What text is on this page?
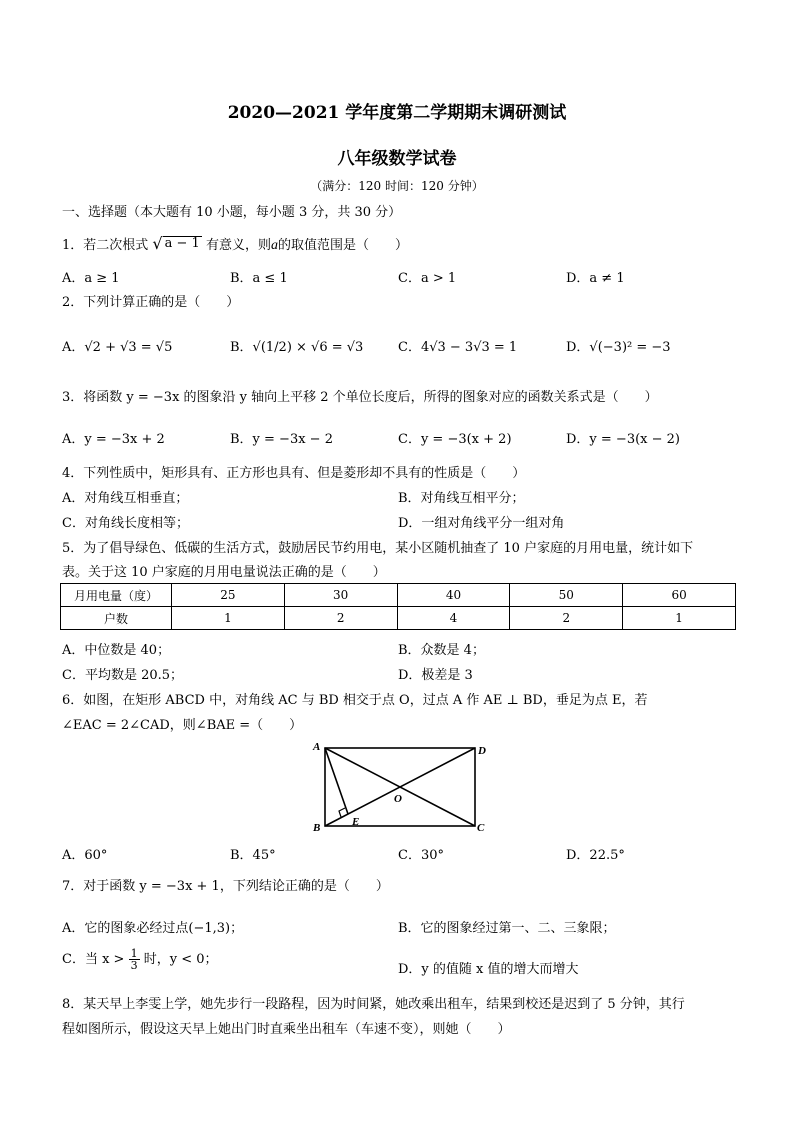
2020—2021 学年度第二学期期末调研测试
八年级数学试卷
（满分：120 时间：120 分钟）
一、选择题（本大题有 10 小题，每小题 3 分，共 30 分）
1．若二次根式 √ a − 1 有意义，则a的取值范围是（　　）
A．a ≥ 1	B．a ≤ 1	C．a > 1	D．a ≠ 1
2．下列计算正确的是（　　）
A．√2 + √3 = √5	B．√(1/2) × √6 = √3	C．4√3 − 3√3 = 1	D．√(−3)² = −3
3．将函数 y = −3x 的图象沿 y 轴向上平移 2 个单位长度后，所得的图象对应的函数关系式是（　　）
A．y = −3x + 2	B．y = −3x − 2	C．y = −3(x + 2)	D．y = −3(x − 2)
4．下列性质中，矩形具有、正方形也具有、但是菱形却不具有的性质是（　　）
A．对角线互相垂直；	B．对角线互相平分；
C．对角线长度相等；	D．一组对角线平分一组对角
5．为了倡导绿色、低碳的生活方式，鼓励居民节约用电，某小区随机抽查了 10 户家庭的月用电量，统计如下
表。关于这 10 户家庭的月用电量说法正确的是（　　）
月用电量（度）	25	30	40	50	60
户数	1	2	4	2	1
A．中位数是 40；	B．众数是 4；
C．平均数是 20.5；	D．极差是 3
6．如图，在矩形 ABCD 中，对角线 AC 与 BD 相交于点 O，过点 A 作 AE ⊥ BD，垂足为点 E，若
∠EAC = 2∠CAD，则∠BAE =（　　）
A	D
O
B	E	C
A．60°	B．45°	C．30°	D．22.5°
7．对于函数 y = −3x + 1，下列结论正确的是（　　）
A．它的图象必经过点(−1,3)；	B．它的图象经过第一、二、三象限；
C．当 $x > \frac{1}{3}$ 时，y < 0；
D．y 的值随 x 值的增大而增大
8．某天早上李雯上学，她先步行一段路程，因为时间紧，她改乘出租车，结果到校还是迟到了 5 分钟，其行
程如图所示，假设这天早上她出门时直乘坐出租车（车速不变），则她（　　）
